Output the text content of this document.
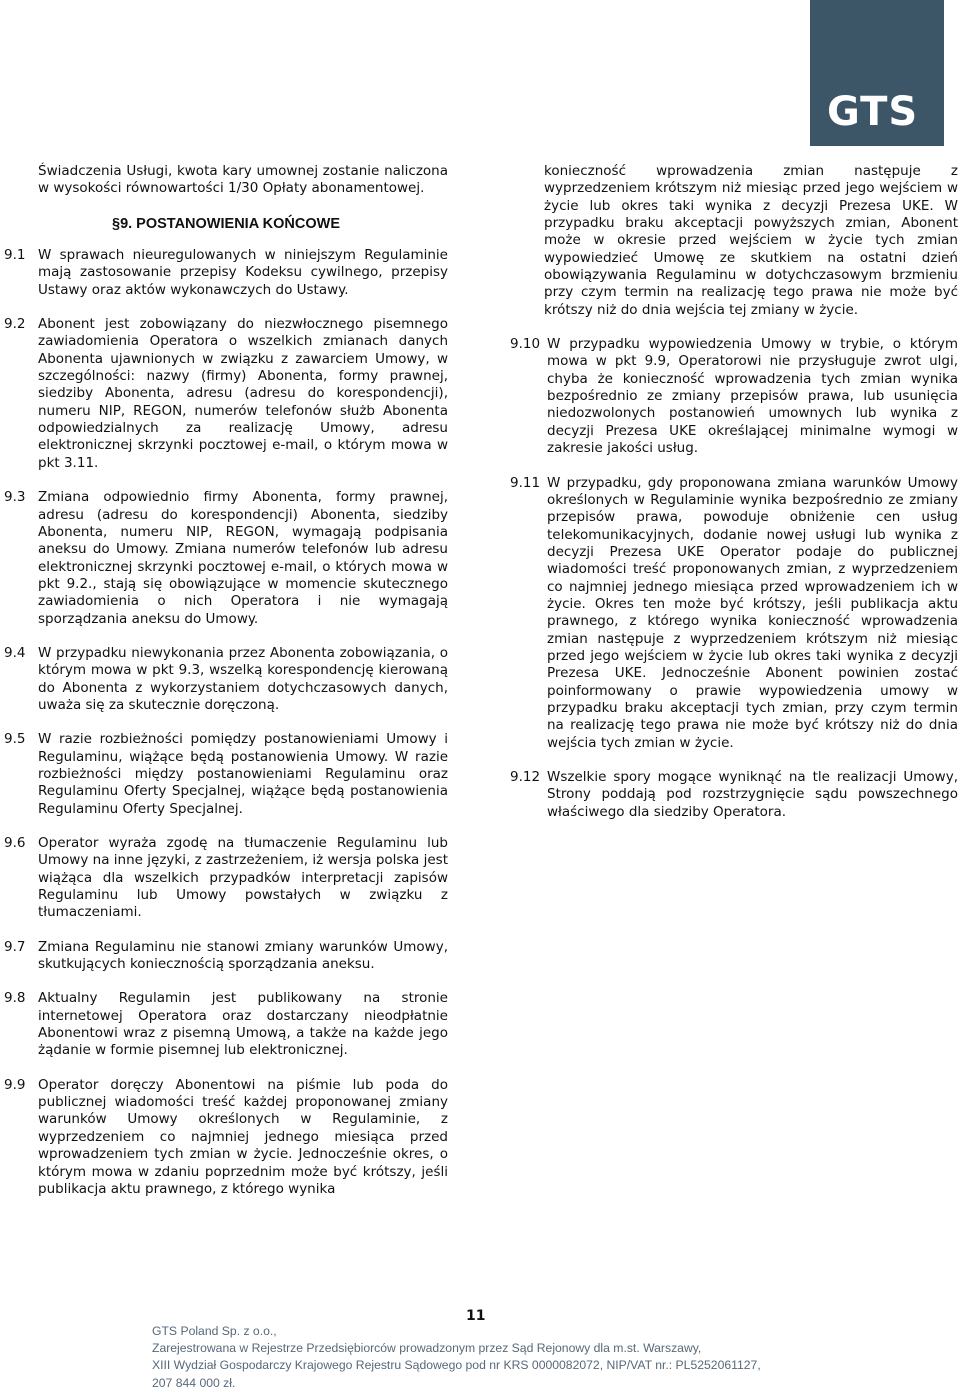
GTS

Świadczenia Usługi, kwota kary umownej zostanie naliczona w wysokości równowartości 1/30 Opłaty abonamentowej.

§9. POSTANOWIENIA KOŃCOWE
9.1 W sprawach nieuregulowanych w niniejszym Regulaminie mają zastosowanie przepisy Kodeksu cywilnego, przepisy Ustawy oraz aktów wykonawczych do Ustawy.
9.2 Abonent jest zobowiązany do niezwłocznego pisemnego zawiadomienia Operatora o wszelkich zmianach danych Abonenta ujawnionych w związku z zawarciem Umowy, w szczególności: nazwy (firmy) Abonenta, formy prawnej, siedziby Abonenta, adresu (adresu do korespondencji), numeru NIP, REGON, numerów telefonów służb Abonenta odpowiedzialnych za realizację Umowy, adresu elektronicznej skrzynki pocztowej e-mail, o którym mowa w pkt 3.11.
9.3 Zmiana odpowiednio firmy Abonenta, formy prawnej, adresu (adresu do korespondencji) Abonenta, siedziby Abonenta, numeru NIP, REGON, wymagają podpisania aneksu do Umowy. Zmiana numerów telefonów lub adresu elektronicznej skrzynki pocztowej e-mail, o których mowa w pkt 9.2., stają się obowiązujące w momencie skutecznego zawiadomienia o nich Operatora i nie wymagają sporządzania aneksu do Umowy.
9.4 W przypadku niewykonania przez Abonenta zobowiązania, o którym mowa w pkt 9.3, wszelką korespondencję kierowaną do Abonenta z wykorzystaniem dotychczasowych danych, uważa się za skutecznie doręczoną.
9.5 W razie rozbieżności pomiędzy postanowieniami Umowy i Regulaminu, wiążące będą postanowienia Umowy. W razie rozbieżności między postanowieniami Regulaminu oraz Regulaminu Oferty Specjalnej, wiążące będą postanowienia Regulaminu Oferty Specjalnej.
9.6 Operator wyraża zgodę na tłumaczenie Regulaminu lub Umowy na inne języki, z zastrzeżeniem, iż wersja polska jest wiążąca dla wszelkich przypadków interpretacji zapisów Regulaminu lub Umowy powstałych w związku z tłumaczeniami.
9.7 Zmiana Regulaminu nie stanowi zmiany warunków Umowy, skutkujących koniecznością sporządzania aneksu.
9.8 Aktualny Regulamin jest publikowany na stronie internetowej Operatora oraz dostarczany nieodpłatnie Abonentowi wraz z pisemną Umową, a także na każde jego żądanie w formie pisemnej lub elektronicznej.
9.9 Operator doręczy Abonentowi na piśmie lub poda do publicznej wiadomości treść każdej proponowanej zmiany warunków Umowy określonych w Regulaminie, z wyprzedzeniem co najmniej jednego miesiąca przed wprowadzeniem tych zmian w życie. Jednocześnie okres, o którym mowa w zdaniu poprzednim może być krótszy, jeśli publikacja aktu prawnego, z którego wynika

konieczność wprowadzenia zmian następuje z wyprzedzeniem krótszym niż miesiąc przed jego wejściem w życie lub okres taki wynika z decyzji Prezesa UKE. W przypadku braku akceptacji powyższych zmian, Abonent może w okresie przed wejściem w życie tych zmian wypowiedzieć Umowę ze skutkiem na ostatni dzień obowiązywania Regulaminu w dotychczasowym brzmieniu przy czym termin na realizację tego prawa nie może być krótszy niż do dnia wejścia tej zmiany w życie.

9.10 W przypadku wypowiedzenia Umowy w trybie, o którym mowa w pkt 9.9, Operatorowi nie przysługuje zwrot ulgi, chyba że konieczność wprowadzenia tych zmian wynika bezpośrednio ze zmiany przepisów prawa, lub usunięcia niedozwolonych postanowień umownych lub wynika z decyzji Prezesa UKE określającej minimalne wymogi w zakresie jakości usług.
9.11 W przypadku, gdy proponowana zmiana warunków Umowy określonych w Regulaminie wynika bezpośrednio ze zmiany przepisów prawa, powoduje obniżenie cen usług telekomunikacyjnych, dodanie nowej usługi lub wynika z decyzji Prezesa UKE Operator podaje do publicznej wiadomości treść proponowanych zmian, z wyprzedzeniem co najmniej jednego miesiąca przed wprowadzeniem ich w życie. Okres ten może być krótszy, jeśli publikacja aktu prawnego, z którego wynika konieczność wprowadzenia zmian następuje z wyprzedzeniem krótszym niż miesiąc przed jego wejściem w życie lub okres taki wynika z decyzji Prezesa UKE. Jednocześnie Abonent powinien zostać poinformowany o prawie wypowiedzenia umowy w przypadku braku akceptacji tych zmian, przy czym termin na realizację tego prawa nie może być krótszy niż do dnia wejścia tych zmian w życie.
9.12 Wszelkie spory mogące wyniknąć na tle realizacji Umowy, Strony poddają pod rozstrzygnięcie sądu powszechnego właściwego dla siedziby Operatora.
11
GTS Poland Sp. z o.o.,
Zarejestrowana w Rejestrze Przedsiębiorców prowadzonym przez Sąd Rejonowy dla m.st. Warszawy,
XIII Wydział Gospodarczy Krajowego Rejestru Sądowego pod nr KRS 0000082072, NIP/VAT nr.: PL5252061127,
207 844 000 zł.
